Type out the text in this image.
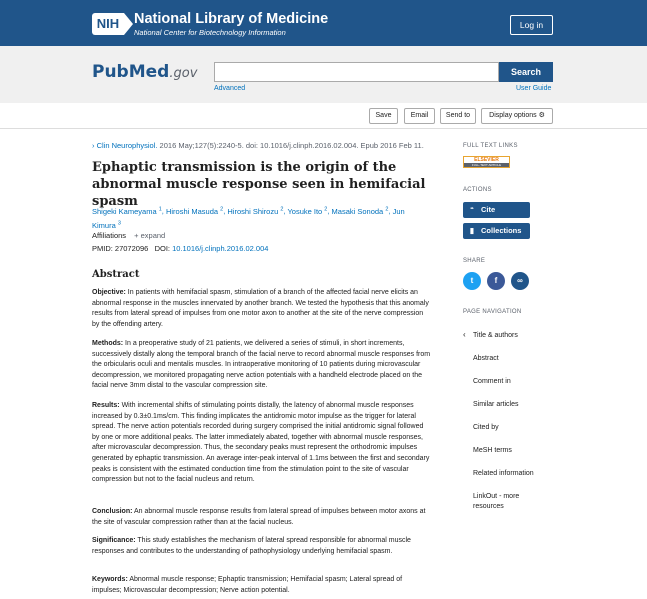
NIH	National Library of Medicine
National Center for Biotechnology Information
Log in
PubMed.gov	Search
Advanced	User Guide
Save	Email	Send to	Display options ⚙
› Clin Neurophysiol. 2016 May;127(5):2240-5. doi: 10.1016/j.clinph.2016.02.004. Epub 2016 Feb 11.
Ephaptic transmission is the origin of the abnormal muscle response seen in hemifacial spasm
Shigeki Kameyama $^1$, Hiroshi Masuda $^2$, Hiroshi Shirozu $^2$, Yosuke Ito $^2$, Masaki Sonoda $^2$, Jun Kimura $^3$
Affiliations + expand
PMID: 27072096 DOI: 10.1016/j.clinph.2016.02.004
Abstract
Objective: In patients with hemifacial spasm, stimulation of a branch of the affected facial nerve elicits an abnormal response in the muscles innervated by another branch. We tested the hypothesis that this anomaly results from lateral spread of impulses from one motor axon to another at the site of the nerve compression by the offending artery.
Methods: In a preoperative study of 21 patients, we delivered a series of stimuli, in short increments, successively distally along the temporal branch of the facial nerve to record abnormal muscle responses from the orbicularis oculi and mentalis muscles. In intraoperative monitoring of 10 patients during microvascular decompression, we monitored propagating nerve action potentials with a handheld electrode placed on the facial nerve 3mm distal to the vascular compression site.
Results: With incremental shifts of stimulating points distally, the latency of abnormal muscle responses increased by 0.3±0.1ms/cm. This finding implicates the antidromic motor impulse as the trigger for lateral spread. The nerve action potentials recorded during surgery comprised the initial antidromic signal followed by one or more additional peaks. The latter immediately abated, together with abnormal muscle responses, after microvascular decompression. Thus, the secondary peaks must represent the orthodromic impulses generated by ephaptic transmission. An average inter-peak interval of 1.1ms between the first and secondary peaks is consistent with the estimated conduction time from the stimulation point to the site of vascular compression but not to the facial nucleus and return.
Conclusion: An abnormal muscle response results from lateral spread of impulses between motor axons at the site of vascular compression rather than at the facial nucleus.
Significance: This study establishes the mechanism of lateral spread responsible for abnormal muscle responses and contributes to the understanding of pathophysiology underlying hemifacial spasm.
Keywords: Abnormal muscle response; Ephaptic transmission; Hemifacial spasm; Lateral spread of impulses; Microvascular decompression; Nerve action potential.
FULL TEXT LINKS
ELSEVIER
FULL-TEXT ARTICLE
ACTIONS
“ Cite
▮ Collections
SHARE
t	f	∞
PAGE NAVIGATION
‹ Title & authors
Abstract
Comment in
Similar articles
Cited by
MeSH terms
Related information
LinkOut - more resources
